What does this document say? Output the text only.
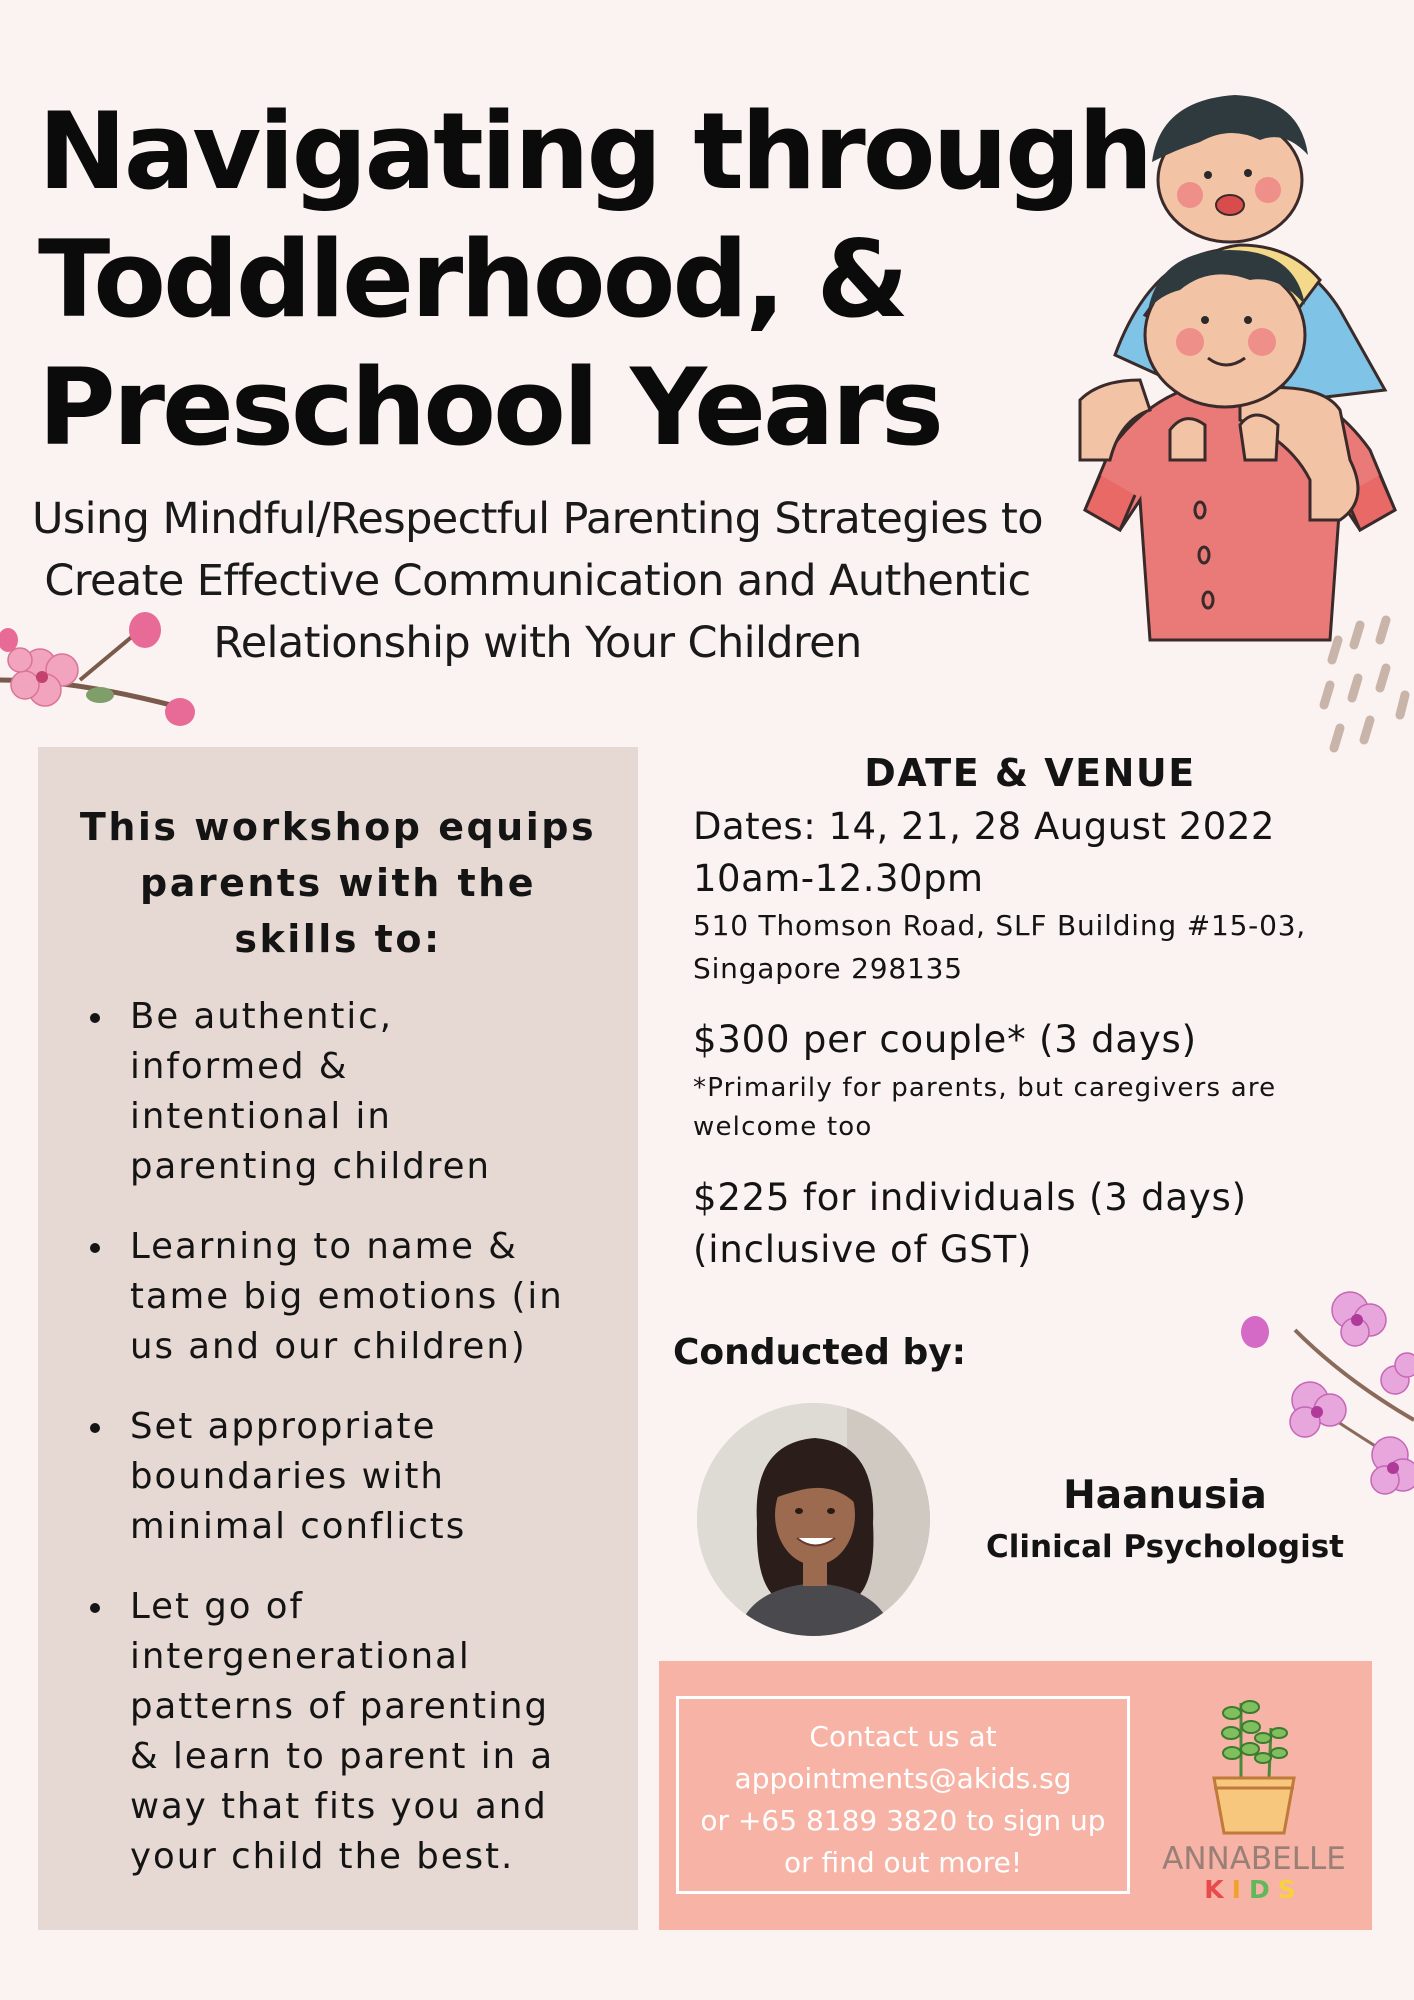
Navigating through
Toddlerhood, &
Preschool Years
Using Mindful/Respectful Parenting Strategies to
Create Effective Communication and Authentic
Relationship with Your Children
This workshop equips
parents with the
skills to:
Be authentic,
informed &
intentional in
parenting children
Learning to name &
tame big emotions (in
us and our children)
Set appropriate
boundaries with
minimal conflicts
Let go of
intergenerational
patterns of parenting
& learn to parent in a
way that fits you and
your child the best.
DATE & VENUE
Dates: 14, 21, 28 August 2022
10am-12.30pm
510 Thomson Road, SLF Building #15-03,
Singapore 298135
$300 per couple* (3 days)
*Primarily for parents, but caregivers are
welcome too
$225 for individuals (3 days)
(inclusive of GST)
Conducted by:
Haanusia
Clinical Psychologist
Contact us at
appointments@akids.sg
or +65 8189 3820 to sign up
or find out more!	ANNABELLE
KIDS
